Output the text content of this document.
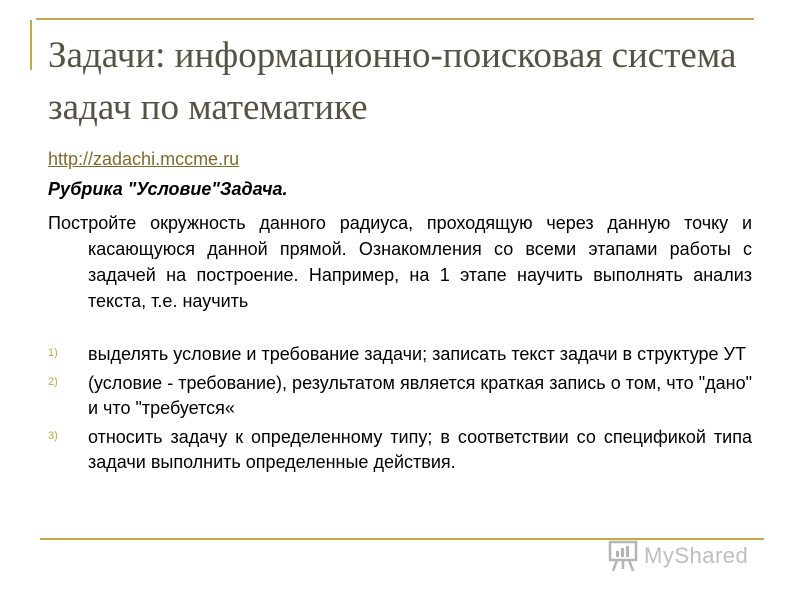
Задачи: информационно-поисковая система задач по математике
http://zadachi.mccme.ru
Рубрика "Условие"Задача.

Постройте окружность данного радиуса, проходящую через данную точку и касающуюся данной прямой. Ознакомления со всеми этапами работы с задачей на построение. Например, на 1 этапе научить выполнять анализ текста, т.е. научить

1) выделять условие и требование задачи; записать текст задачи в структуре УТ
2) (условие - требование), результатом является краткая запись о том, что "дано" и что "требуется«
3) относить задачу к определенному типу; в соответствии со спецификой типа задачи выполнить определенные действия.
MyShared
